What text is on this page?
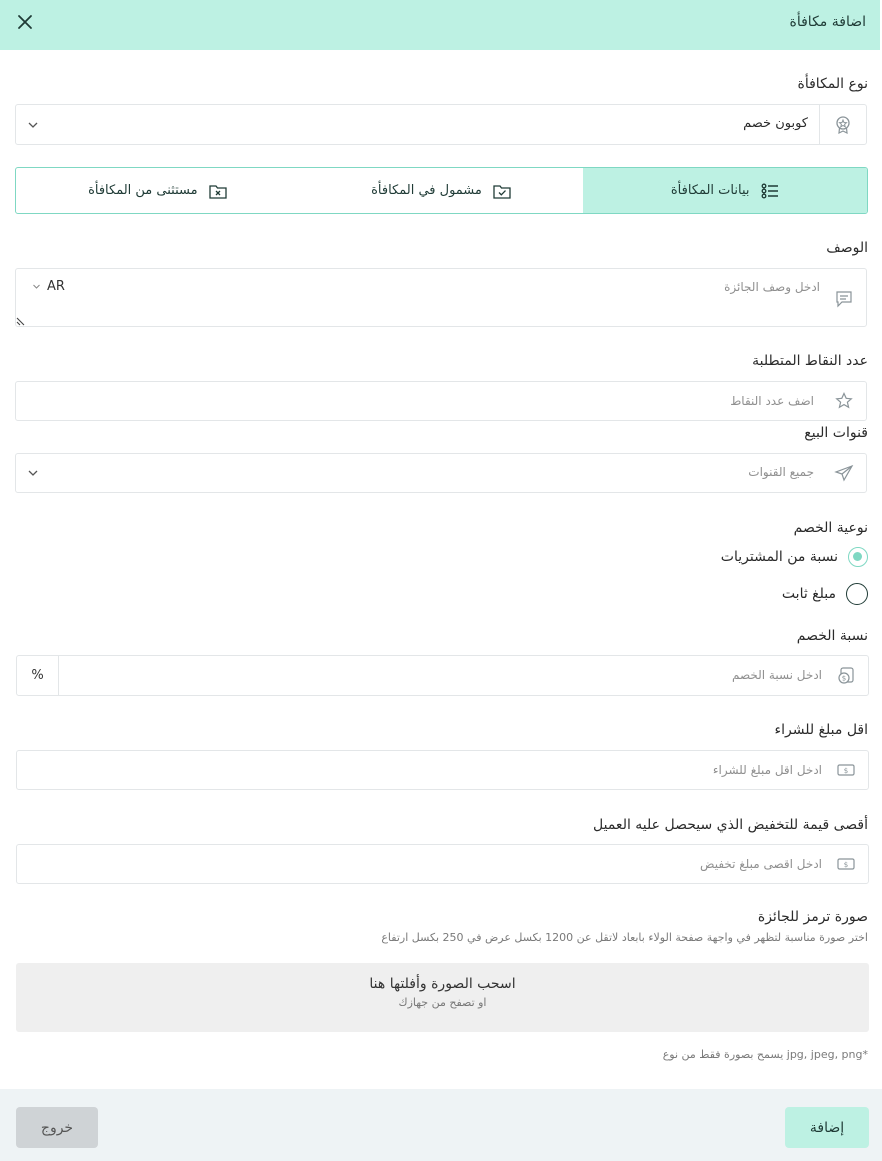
اضافة مكافأة
نوع المكافأة
كوبون خصم
بيانات المكافأة
مشمول في المكافأة
مستثنى من المكافأة
الوصف
ادخل وصف الجائزة
AR
عدد النقاط المتطلبة
اضف عدد النقاط
قنوات البيع
جميع القنوات
نوعية الخصم
نسبة من المشتريات
مبلغ ثابت
نسبة الخصم
$
ادخل نسبة الخصم
%
اقل مبلغ للشراء
$
ادخل اقل مبلغ للشراء
أقصى قيمة للتخفيض الذي سيحصل عليه العميل
$
ادخل اقصى مبلغ تخفيض
صورة ترمز للجائزة
اختر صورة مناسبة لتظهر في واجهة صفحة الولاء بابعاد لاتقل عن 1200 بكسل عرض في 250 بكسل ارتفاع
اسحب الصورة وأفلتها هنا
او تصفح من جهازك
يسمح بصورة فقط من نوع jpg, jpeg, png*
إضافة
خروج
